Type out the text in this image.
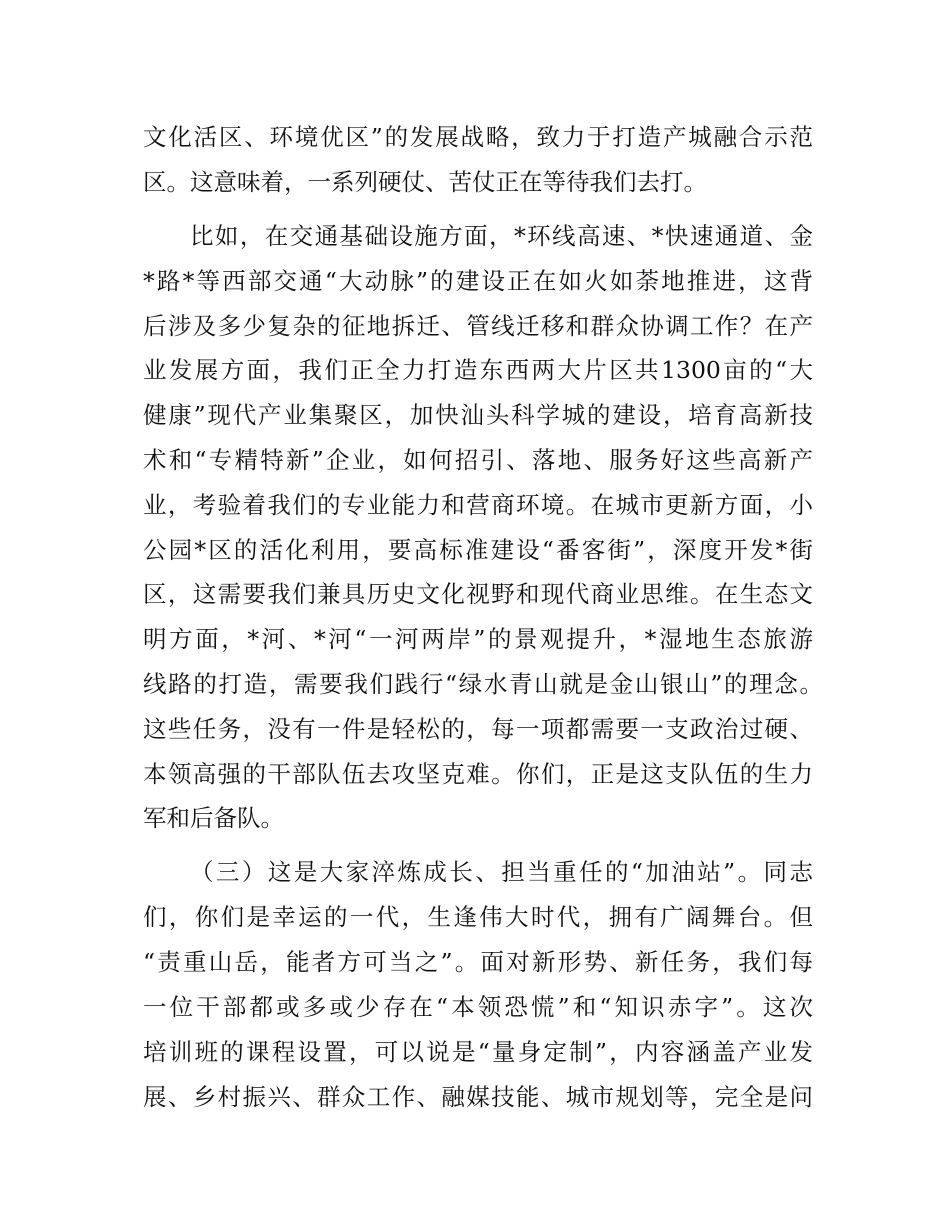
文化活区、环境优区”的发展战略，致力于打造产城融合示范
区。这意味着，一系列硬仗、苦仗正在等待我们去打。
比如，在交通基础设施方面，*环线高速、*快速通道、金
*路*等西部交通“大动脉”的建设正在如火如荼地推进，这背
后涉及多少复杂的征地拆迁、管线迁移和群众协调工作？在产
业发展方面，我们正全力打造东西两大片区共1300亩的“大
健康”现代产业集聚区，加快汕头科学城的建设，培育高新技
术和“专精特新”企业，如何招引、落地、服务好这些高新产
业，考验着我们的专业能力和营商环境。在城市更新方面，小
公园*区的活化利用，要高标准建设“番客街”，深度开发*街
区，这需要我们兼具历史文化视野和现代商业思维。在生态文
明方面，*河、*河“一河两岸”的景观提升，*湿地生态旅游
线路的打造，需要我们践行“绿水青山就是金山银山”的理念。
这些任务，没有一件是轻松的，每一项都需要一支政治过硬、
本领高强的干部队伍去攻坚克难。你们，正是这支队伍的生力
军和后备队。
（三）这是大家淬炼成长、担当重任的“加油站”。同志
们，你们是幸运的一代，生逢伟大时代，拥有广阔舞台。但
“责重山岳，能者方可当之”。面对新形势、新任务，我们每
一位干部都或多或少存在“本领恐慌”和“知识赤字”。这次
培训班的课程设置，可以说是“量身定制”，内容涵盖产业发
展、乡村振兴、群众工作、融媒技能、城市规划等，完全是问
